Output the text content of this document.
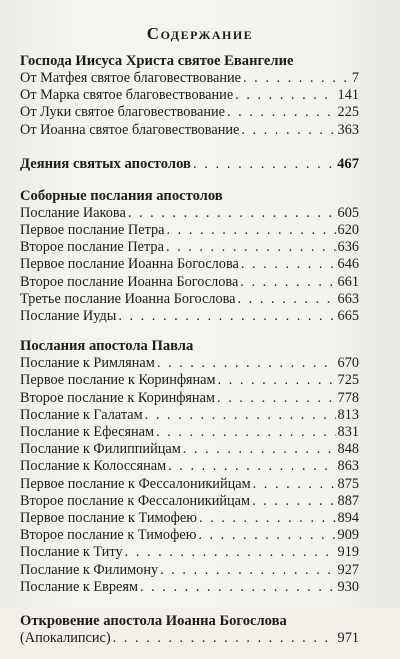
Содержание
Господа Иисуса Христа святое Евангелие
От Матфея святое благовествование . . .	7
От Марка святое благовествование . . .	141
От Луки святое благовествование . . .	225
От Иоанна святое благовествование . . .	363
Деяния святых апостолов . . .	467
Соборные послания апостолов
Послание Иакова . . .	605
Первое послание Петра . . .	620
Второе послание Петра . . .	636
Первое послание Иоанна Богослова . . .	646
Второе послание Иоанна Богослова . . .	661
Третье послание Иоанна Богослова . . .	663
Послание Иуды . . .	665
Послания апостола Павла
Послание к Римлянам . . .	670
Первое послание к Коринфянам . . .	725
Второе послание к Коринфянам . . .	778
Послание к Галатам . . .	813
Послание к Ефесянам . . .	831
Послание к Филиппийцам . . .	848
Послание к Колоссянам . . .	863
Первое послание к Фессалоникийцам . . .	875
Второе послание к Фессалоникийцам . . .	887
Первое послание к Тимофею . . .	894
Второе послание к Тимофею . . .	909
Послание к Титу . . .	919
Послание к Филимону . . .	927
Послание к Евреям . . .	930
Откровение апостола Иоанна Богослова
(Апокалипсис) . . .	971
